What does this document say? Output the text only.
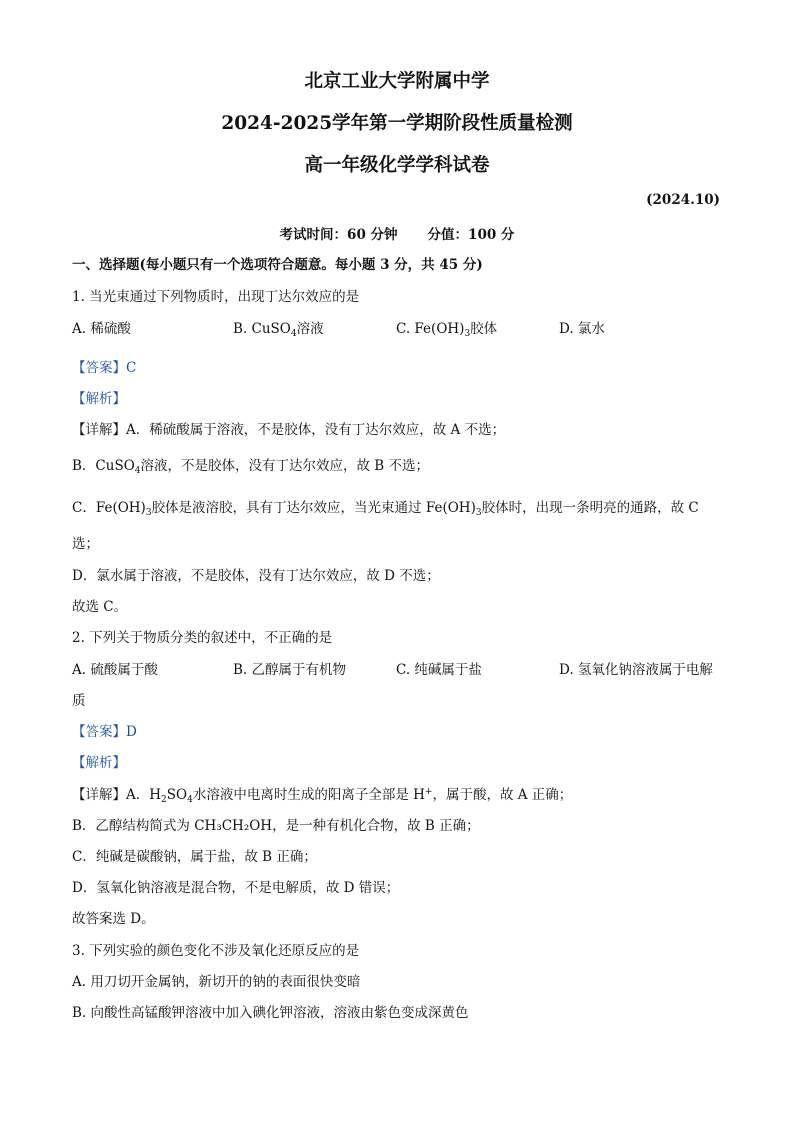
北京工业大学附属中学
2024-2025学年第一学期阶段性质量检测
高一年级化学学科试卷
(2024.10)
考试时间：60 分钟 分值：100 分
一、选择题(每小题只有一个选项符合题意。每小题 3 分，共 45 分)
1. 当光束通过下列物质时，出现丁达尔效应的是
A. 稀硫酸	B. CuSO$_4$溶液	C. $Fe(OH)_3$胶体	D. 氯水
【答案】C
【解析】
【详解】A．稀硫酸属于溶液，不是胶体，没有丁达尔效应，故 A 不选；
B．CuSO$_4$溶液，不是胶体，没有丁达尔效应，故 B 不选；
C．$Fe(OH)_3$胶体是液溶胶，具有丁达尔效应，当光束通过 $Fe(OH)_3$胶体时，出现一条明亮的通路，故 C
选；
D．氯水属于溶液，不是胶体，没有丁达尔效应，故 D 不选；
故选 C。
2. 下列关于物质分类的叙述中，不正确的是
A. 硫酸属于酸	B. 乙醇属于有机物	C. 纯碱属于盐	D. 氢氧化钠溶液属于电解
质
【答案】D
【解析】
【详解】A．$H_2SO_4$水溶液中电离时生成的阳离子全部是 H+，属于酸，故 A 正确；
B．乙醇结构简式为 CH₃CH₂OH，是一种有机化合物，故 B 正确；
C．纯碱是碳酸钠，属于盐，故 B 正确；
D．氢氧化钠溶液是混合物，不是电解质，故 D 错误；
故答案选 D。
3. 下列实验的颜色变化不涉及氧化还原反应的是
A. 用刀切开金属钠，新切开的钠的表面很快变暗
B. 向酸性高锰酸钾溶液中加入碘化钾溶液，溶液由紫色变成深黄色
